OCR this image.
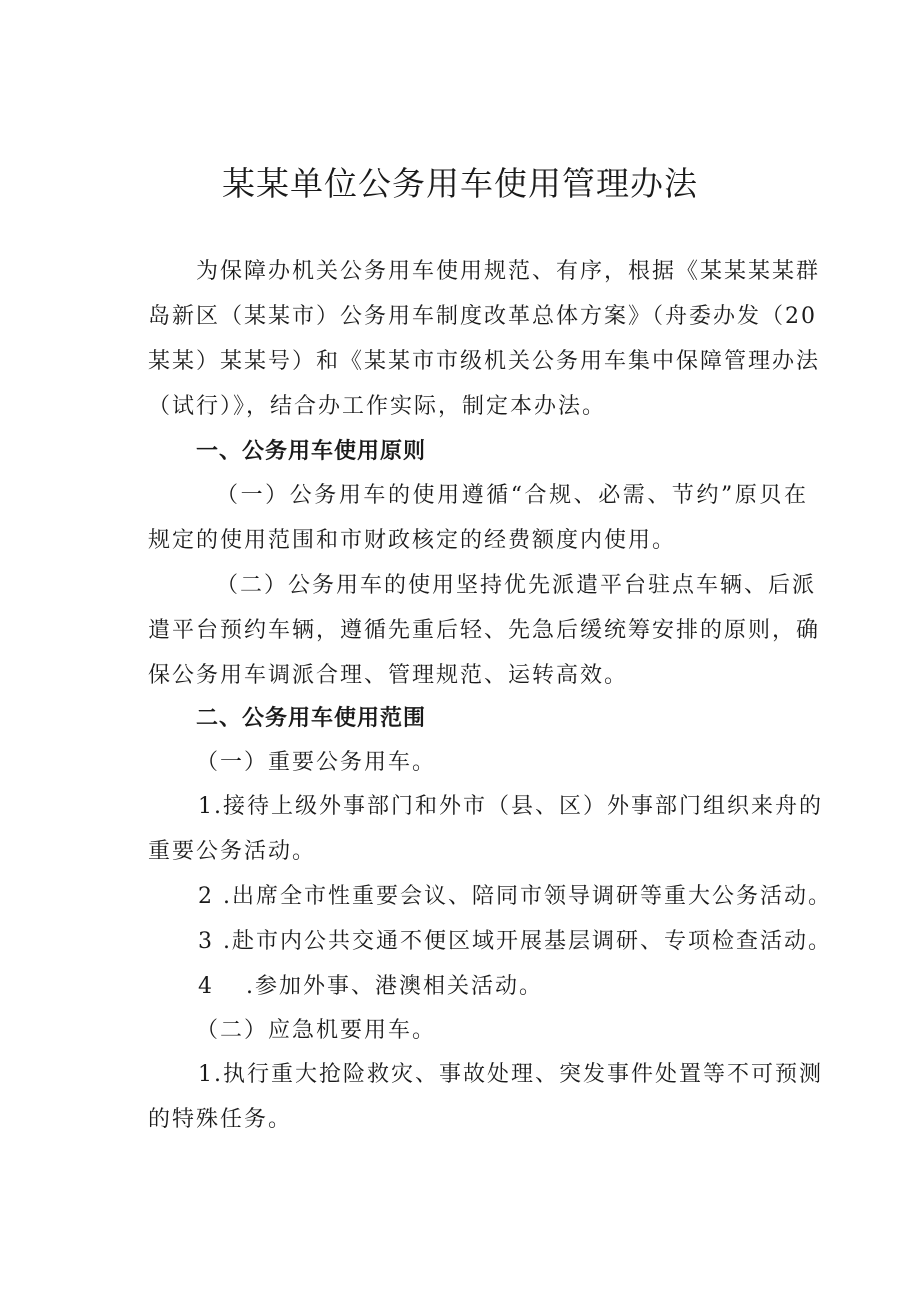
某某单位公务用车使用管理办法
为保障办机关公务用车使用规范、有序，根据《某某某某群
岛新区（某某市）公务用车制度改革总体方案》（舟委办发（20
某某）某某号）和《某某市市级机关公务用车集中保障管理办法
（试行）》，结合办工作实际，制定本办法。
一、公务用车使用原则
（一）公务用车的使用遵循“合规、必需、节约”原贝在
规定的使用范围和市财政核定的经费额度内使用。
（二）公务用车的使用坚持优先派遣平台驻点车辆、后派
遣平台预约车辆，遵循先重后轻、先急后缓统筹安排的原则，确
保公务用车调派合理、管理规范、运转高效。
二、公务用车使用范围
（一）重要公务用车。
1.接待上级外事部门和外市（县、区）外事部门组织来舟的
重要公务活动。
2 .出席全市性重要会议、陪同市领导调研等重大公务活动。
3 .赴市内公共交通不便区域开展基层调研、专项检查活动。
4 .参加外事、港澳相关活动。
（二）应急机要用车。
1.执行重大抢险救灾、事故处理、突发事件处置等不可预测
的特殊任务。
